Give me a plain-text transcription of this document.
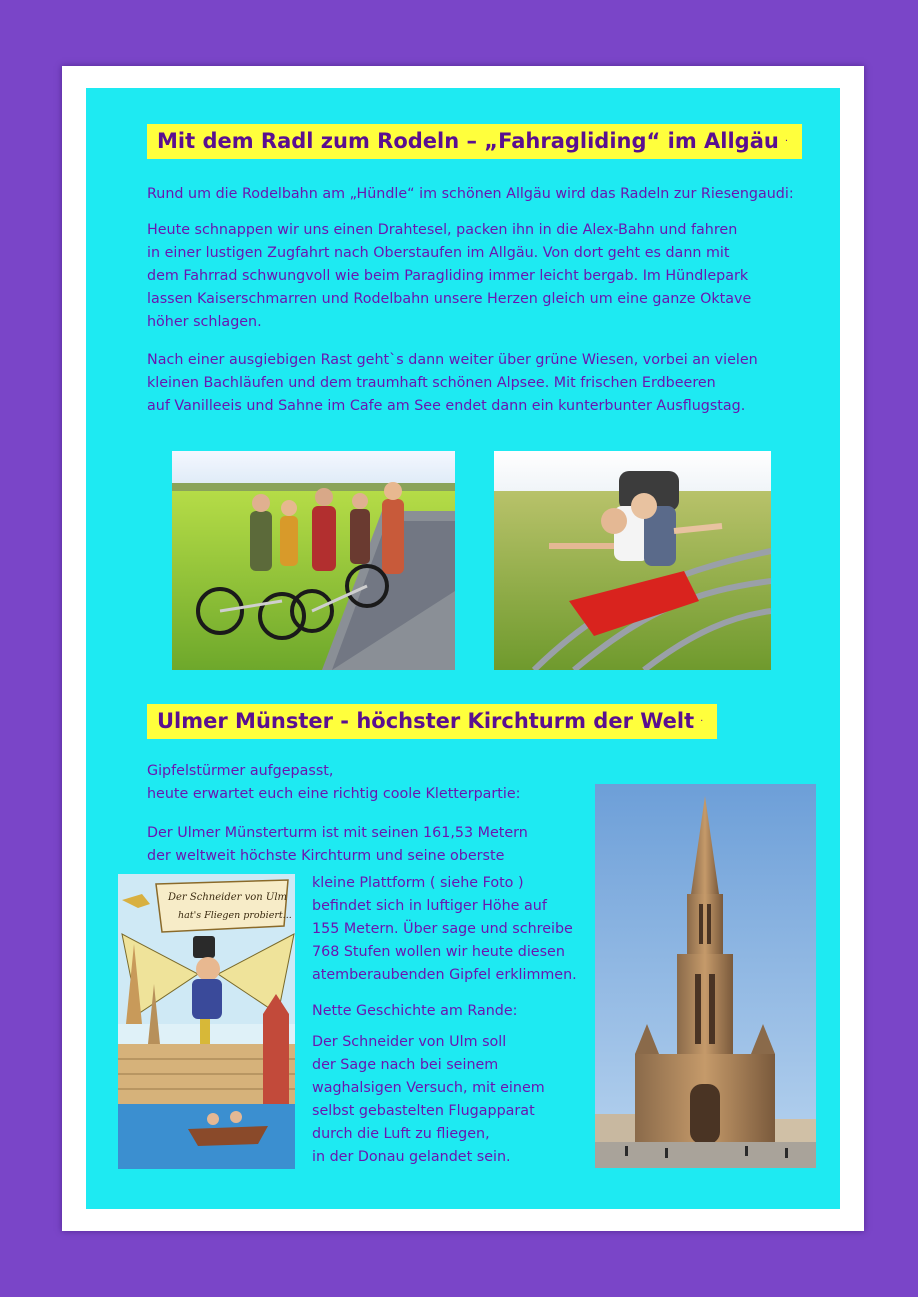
Mit dem Radl zum Rodeln – „Fahragliding“ im Allgäu ·

Rund um die Rodelbahn am „Hündle“ im schönen Allgäu wird das Radeln zur Riesengaudi:

Heute schnappen wir uns einen Drahtesel, packen ihn in die Alex-Bahn und fahren

in einer lustigen Zugfahrt nach Oberstaufen im Allgäu. Von dort geht es dann mit

dem Fahrrad schwungvoll wie beim Paragliding immer leicht bergab. Im Hündlepark

lassen Kaiserschmarren und Rodelbahn unsere Herzen gleich um eine ganze Oktave

höher schlagen.

Nach einer ausgiebigen Rast geht`s dann weiter über grüne Wiesen, vorbei an vielen

kleinen Bachläufen und dem traumhaft schönen Alpsee. Mit frischen Erdbeeren

auf Vanilleeis und Sahne im Cafe am See endet dann ein kunterbunter Ausflugstag.

Ulmer Münster - höchster Kirchturm der Welt ·

Gipfelstürmer aufgepasst,

heute erwartet euch eine richtig coole Kletterpartie:

Der Ulmer Münsterturm ist mit seinen 161,53 Metern

der weltweit höchste Kirchturm und seine oberste

kleine Plattform ( siehe Foto )

befindet sich in luftiger Höhe auf

155 Metern. Über sage und schreibe

768 Stufen wollen wir heute diesen

atemberaubenden Gipfel erklimmen.

Nette Geschichte am Rande:

Der Schneider von Ulm soll

der Sage nach bei seinem

waghalsigen Versuch, mit einem

selbst gebastelten Flugapparat

durch die Luft zu fliegen,

in der Donau gelandet sein.

Der Schneider von Ulm
hat's Fliegen probiert...
